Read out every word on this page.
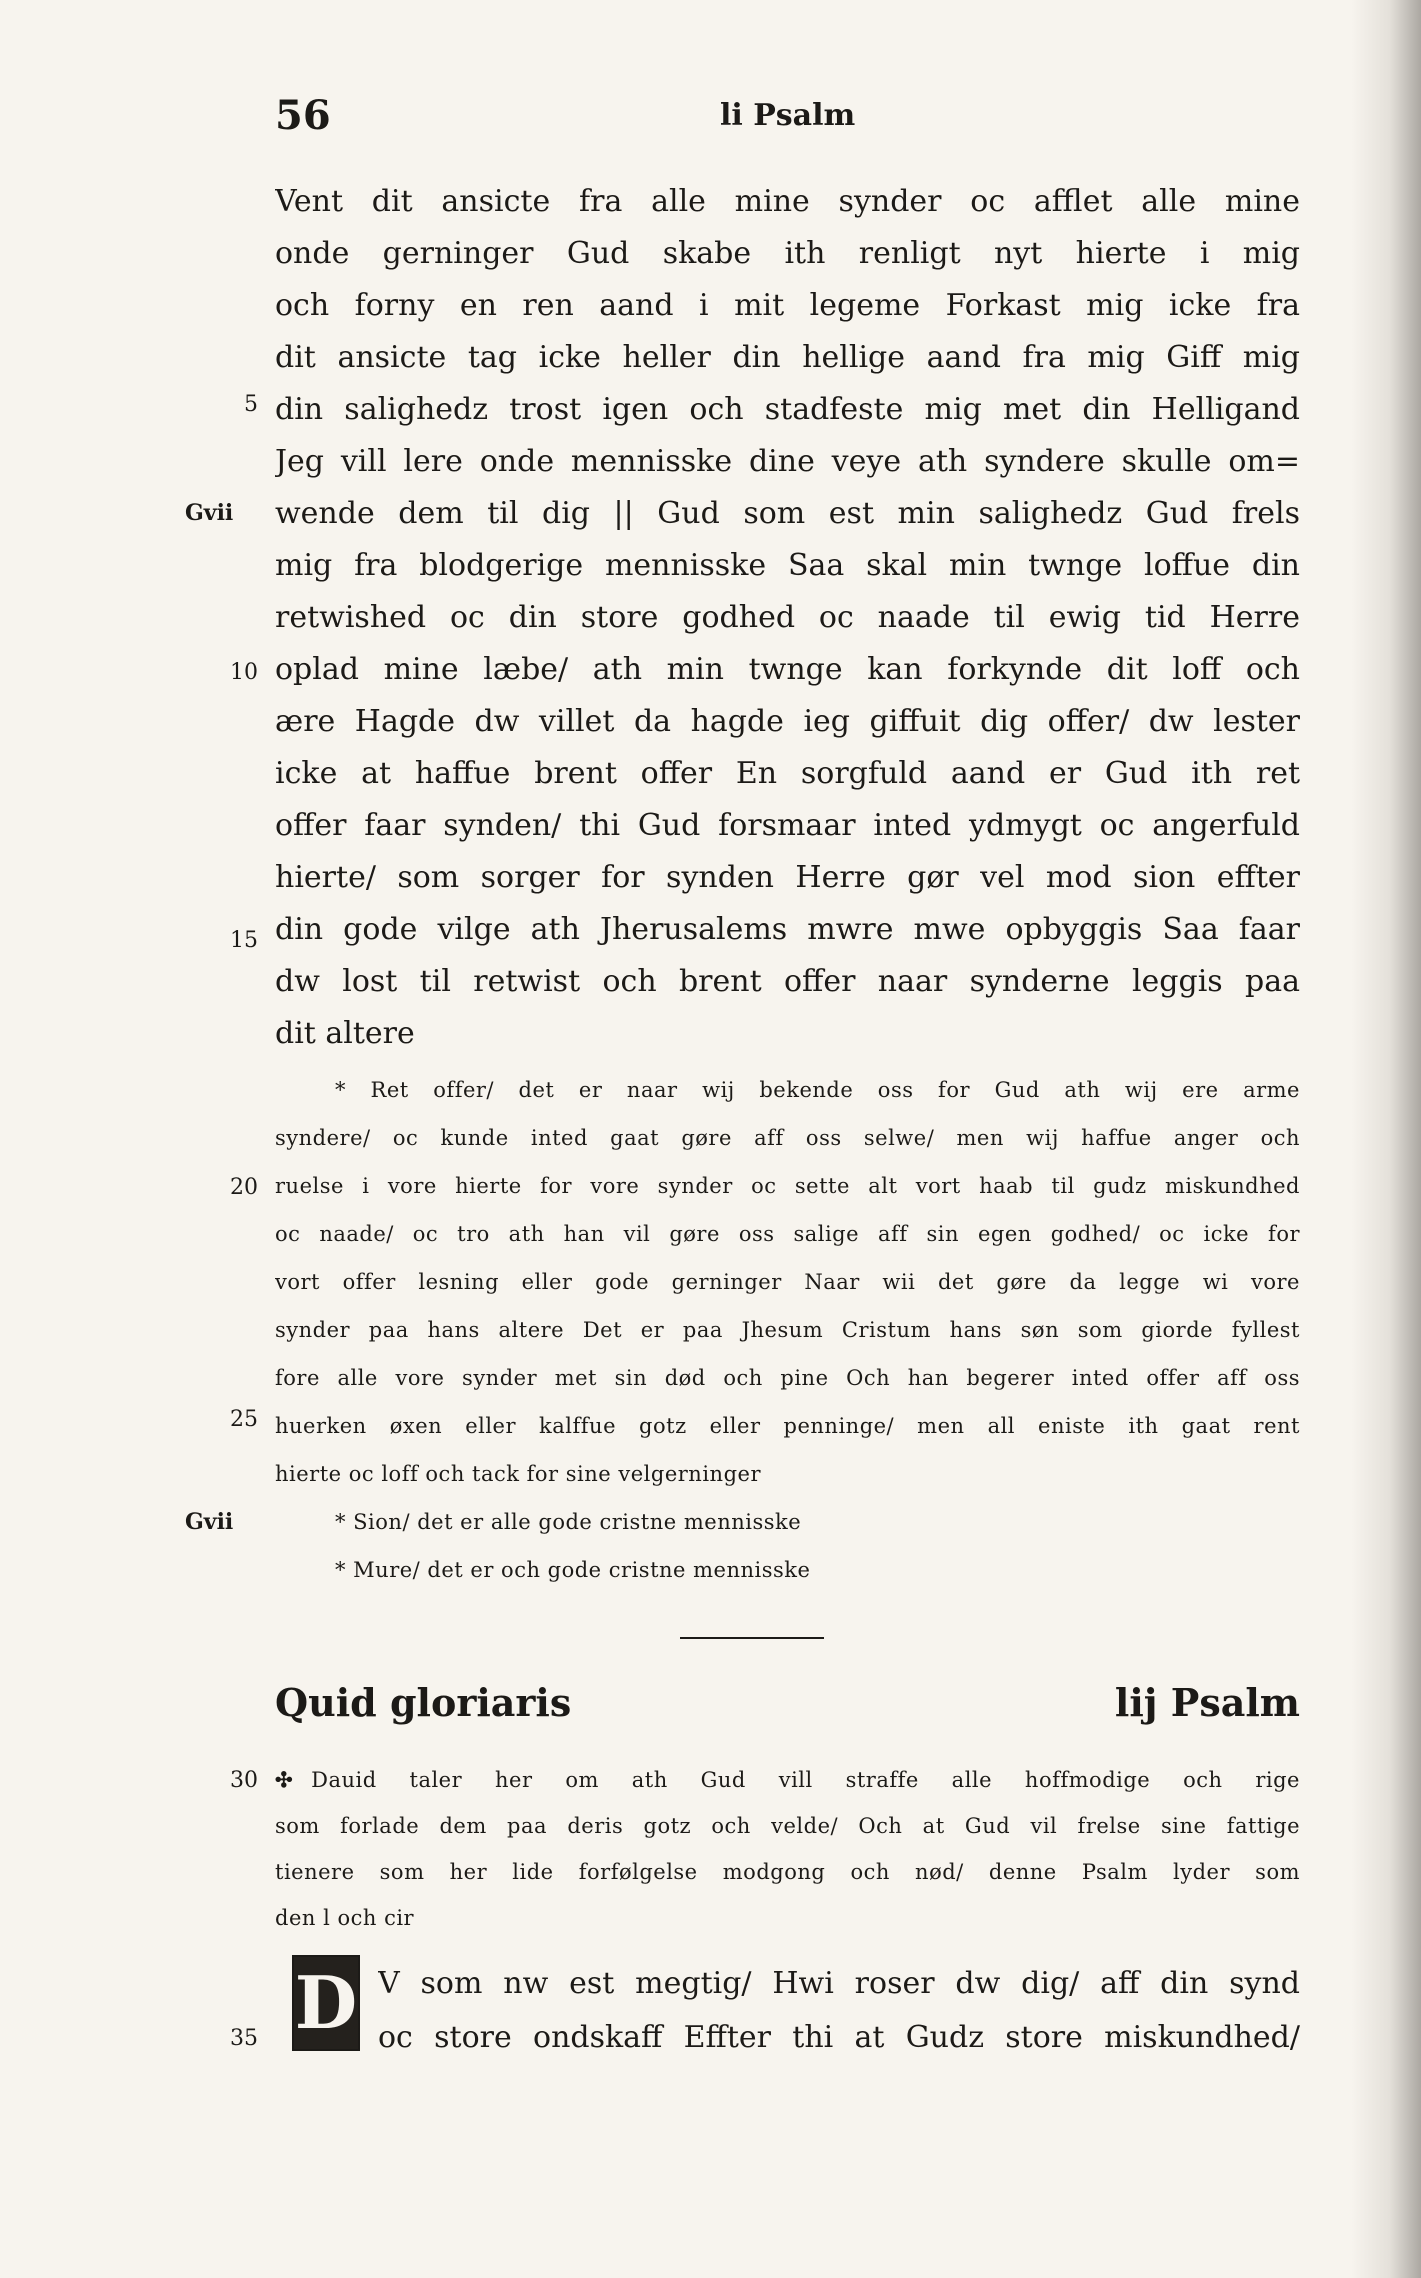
56	li Psalm
Vent dit ansicte fra alle mine synder oc afflet alle mine
onde gerninger Gud skabe ith renligt nyt hierte i mig
och forny en ren aand i mit legeme Forkast mig icke fra
dit ansicte tag icke heller din hellige aand fra mig Giff mig
din salighedz trost igen och stadfeste mig met din Helligand
Jeg vill lere onde mennisske dine veye ath syndere skulle om=
wende dem til dig || Gud som est min salighedz Gud frels
mig fra blodgerige mennisske Saa skal min twnge loffue din
retwished oc din store godhed oc naade til ewig tid Herre
oplad mine læbe/ ath min twnge kan forkynde dit loff och
ære Hagde dw villet da hagde ieg giffuit dig offer/ dw lester
icke at haffue brent offer En sorgfuld aand er Gud ith ret
offer faar synden/ thi Gud forsmaar inted ydmygt oc angerfuld
hierte/ som sorger for synden Herre gør vel mod sion effter
din gode vilge ath Jherusalems mwre mwe opbyggis Saa faar
dw lost til retwist och brent offer naar synderne leggis paa
dit altere
* Ret offer/ det er naar wij bekende oss for Gud ath wij ere arme
syndere/ oc kunde inted gaat gøre aff oss selwe/ men wij haffue anger och
ruelse i vore hierte for vore synder oc sette alt vort haab til gudz miskundhed
oc naade/ oc tro ath han vil gøre oss salige aff sin egen godhed/ oc icke for
vort offer lesning eller gode gerninger Naar wii det gøre da legge wi vore
synder paa hans altere Det er paa Jhesum Cristum hans søn som giorde fyllest
fore alle vore synder met sin død och pine Och han begerer inted offer aff oss
huerken øxen eller kalffue gotz eller penninge/ men all eniste ith gaat rent
hierte oc loff och tack for sine velgerninger
* Sion/ det er alle gode cristne mennisske
* Mure/ det er och gode cristne mennisske
5
10
15
20
25
30
35
Gvii
Gvii
Quid gloriaris	lij Psalm
✣ Dauid taler her om ath Gud vill straffe alle hoffmodige och rige
som forlade dem paa deris gotz och velde/ Och at Gud vil frelse sine fattige
tienere som her lide forfølgelse modgong och nød/ denne Psalm lyder som
den l och cir
D V som nw est megtig/ Hwi roser dw dig/ aff din synd
oc store ondskaff Effter thi at Gudz store miskundhed/
